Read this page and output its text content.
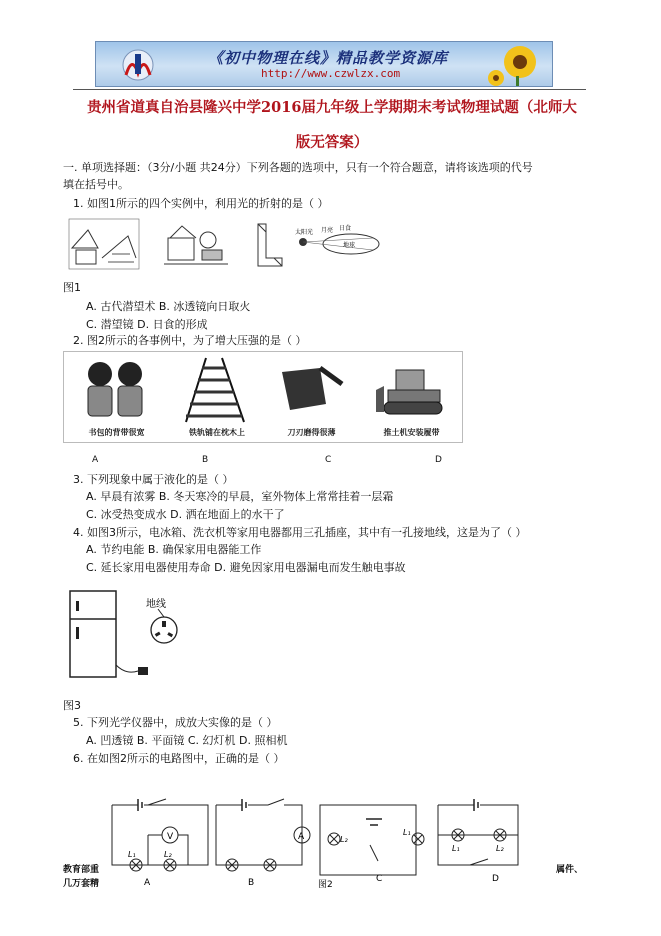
《初中物理在线》精品教学资源库
http://www.czwlzx.com
贵州省道真自治县隆兴中学2016届九年级上学期期末考试物理试题（北师大
版无答案）
一. 单项选择题：（3分/小题 共24分）下列各题的选项中，只有一个符合题意，请将该选项的代号
填在括号中。
1. 如图1所示的四个实例中，利用光的折射的是（ ）
太阳光 月亮
地球
日食
图1
A. 古代潜望术 B. 冰透镜向日取火
C. 潜望镜 D. 日食的形成
2. 图2所示的各事例中，为了增大压强的是（ ）
书包的背带很宽	铁轨铺在枕木上	刀刃磨得很薄	推土机安装履带
A	B	C	D
3. 下列现象中属于液化的是（ ）
A. 早晨有浓雾 B. 冬天寒冷的早晨，室外物体上常常挂着一层霜
C. 冰受热变成水 D. 洒在地面上的水干了
4. 如图3所示，电冰箱、洗衣机等家用电器都用三孔插座，其中有一孔接地线，这是为了（ ）
A. 节约电能 B. 确保家用电器能工作
C. 延长家用电器使用寿命 D. 避免因家用电器漏电而发生触电事故
地线
图3
5. 下列光学仪器中，成放大实像的是（ ）
A. 凹透镜 B. 平面镜 C. 幻灯机 D. 照相机
6. 在如图2所示的电路图中，正确的是（ ）
V	A
L₁	L₂
L₂
L₁
L₁	L₂
A	B	图2
C	D
教育部重
几万套精
属件、
